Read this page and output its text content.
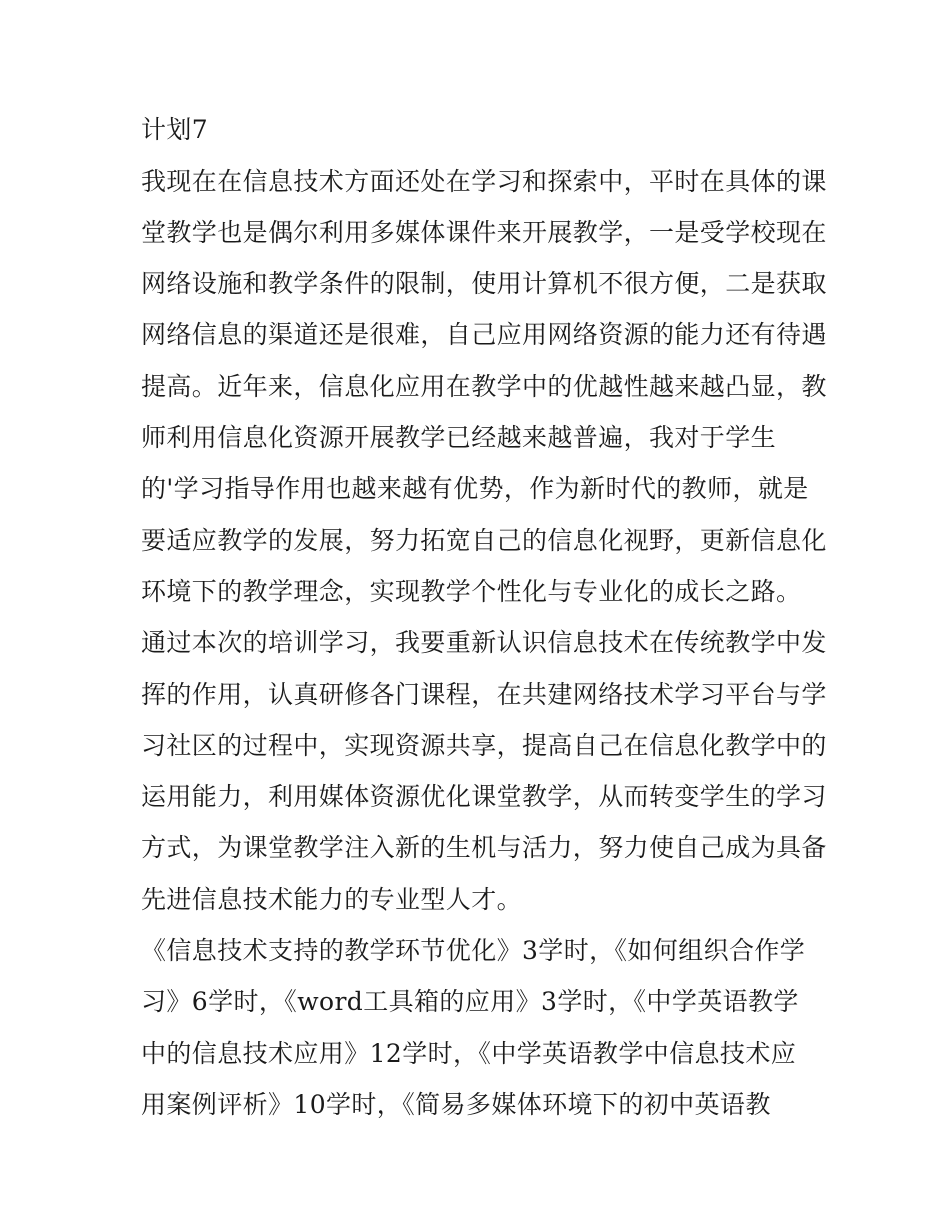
计划7
我现在在信息技术方面还处在学习和探索中，平时在具体的课
堂教学也是偶尔利用多媒体课件来开展教学，一是受学校现在
网络设施和教学条件的限制，使用计算机不很方便，二是获取
网络信息的渠道还是很难，自己应用网络资源的能力还有待遇
提高。近年来，信息化应用在教学中的优越性越来越凸显，教
师利用信息化资源开展教学已经越来越普遍，我对于学生
的'学习指导作用也越来越有优势，作为新时代的教师，就是
要适应教学的发展，努力拓宽自己的信息化视野，更新信息化
环境下的教学理念，实现教学个性化与专业化的成长之路。
通过本次的培训学习，我要重新认识信息技术在传统教学中发
挥的作用，认真研修各门课程，在共建网络技术学习平台与学
习社区的过程中，实现资源共享，提高自己在信息化教学中的
运用能力，利用媒体资源优化课堂教学，从而转变学生的学习
方式，为课堂教学注入新的生机与活力，努力使自己成为具备
先进信息技术能力的专业型人才。
《信息技术支持的教学环节优化》3学时，《如何组织合作学
习》6学时，《word工具箱的应用》3学时，《中学英语教学
中的信息技术应用》12学时，《中学英语教学中信息技术应
用案例评析》10学时，《简易多媒体环境下的初中英语教
